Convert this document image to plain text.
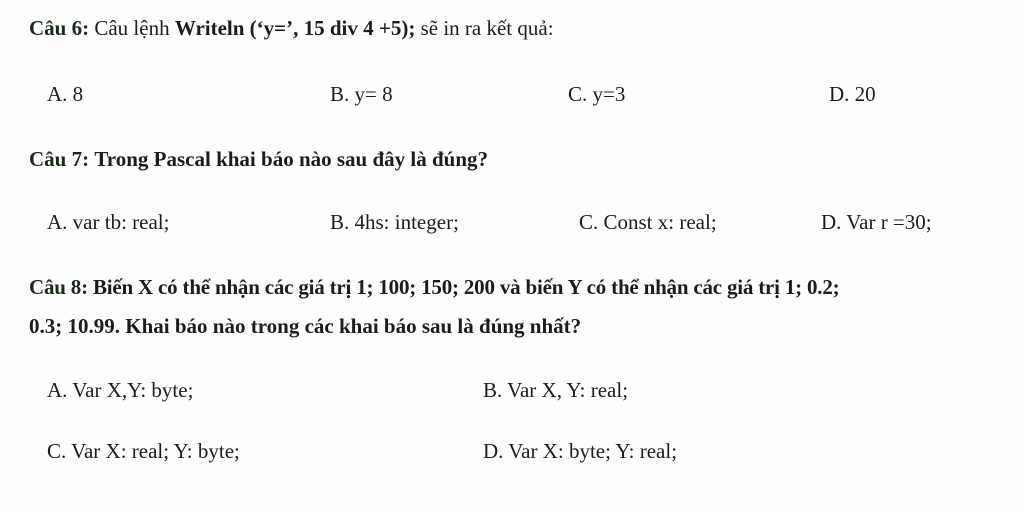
Câu 6: Câu lệnh Writeln (‘y=’, 15 div 4 +5); sẽ in ra kết quả:
A. 8	B. y= 8	C. y=3	D. 20
Câu 7: Trong Pascal khai báo nào sau đây là đúng?
A. var tb: real;	B. 4hs: integer;	C. Const x: real;	D. Var r =30;
Câu 8: Biến X có thể nhận các giá trị 1; 100; 150; 200 và biến Y có thể nhận các giá trị 1; 0.2;
0.3; 10.99. Khai báo nào trong các khai báo sau là đúng nhất?
A. Var X,Y: byte;	B. Var X, Y: real;
C. Var X: real; Y: byte;	D. Var X: byte; Y: real;
